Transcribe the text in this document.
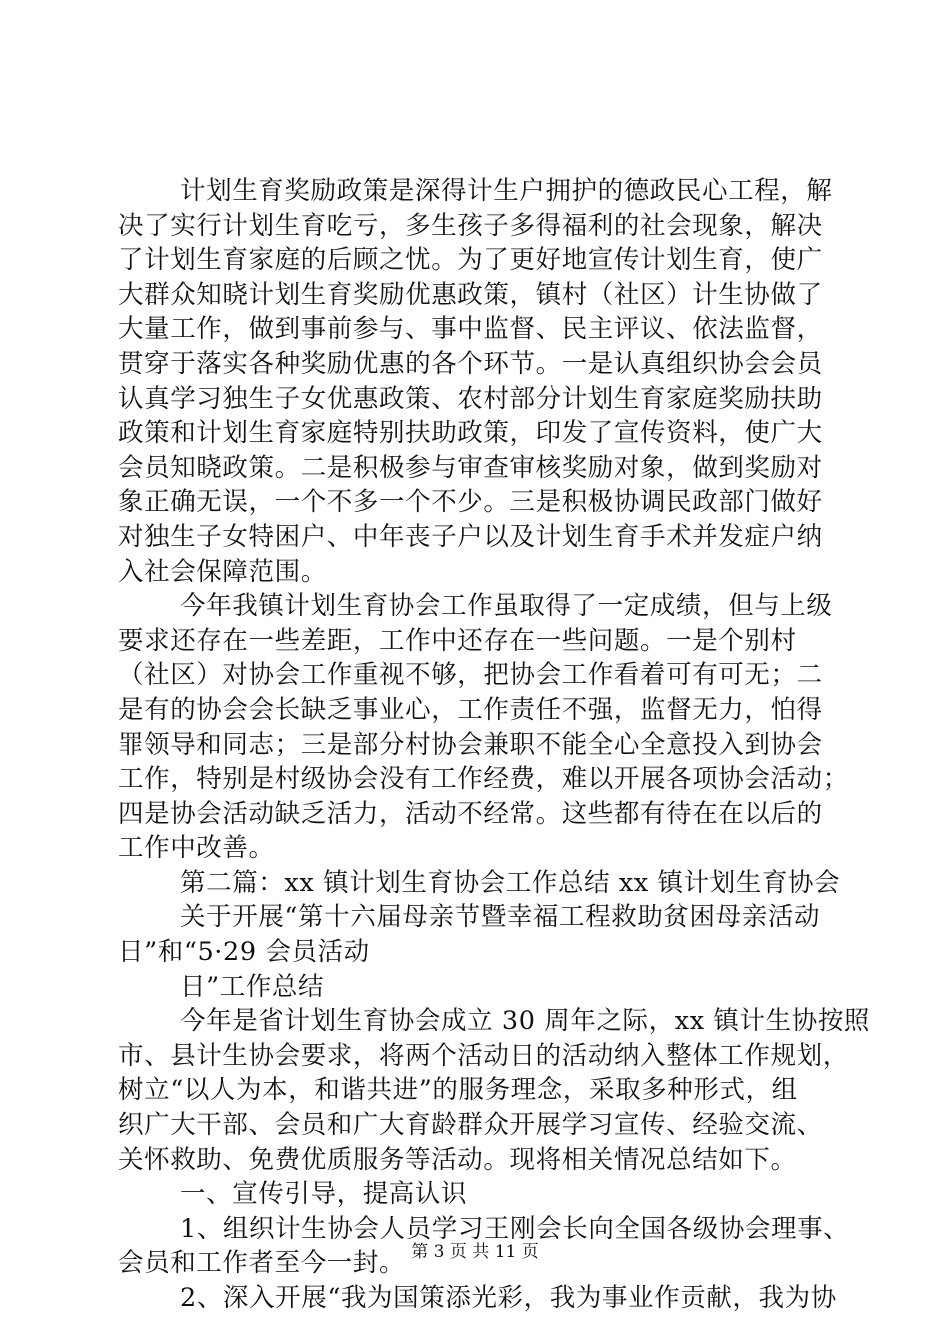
计划生育奖励政策是深得计生户拥护的德政民心工程，解
决了实行计划生育吃亏，多生孩子多得福利的社会现象，解决
了计划生育家庭的后顾之忧。为了更好地宣传计划生育，使广
大群众知晓计划生育奖励优惠政策，镇村（社区）计生协做了
大量工作，做到事前参与、事中监督、民主评议、依法监督，
贯穿于落实各种奖励优惠的各个环节。一是认真组织协会会员
认真学习独生子女优惠政策、农村部分计划生育家庭奖励扶助
政策和计划生育家庭特别扶助政策，印发了宣传资料，使广大
会员知晓政策。二是积极参与审查审核奖励对象，做到奖励对
象正确无误，一个不多一个不少。三是积极协调民政部门做好
对独生子女特困户、中年丧子户以及计划生育手术并发症户纳
入社会保障范围。
今年我镇计划生育协会工作虽取得了一定成绩，但与上级
要求还存在一些差距，工作中还存在一些问题。一是个别村
（社区）对协会工作重视不够，把协会工作看着可有可无；二
是有的协会会长缺乏事业心，工作责任不强，监督无力，怕得
罪领导和同志；三是部分村协会兼职不能全心全意投入到协会
工作，特别是村级协会没有工作经费，难以开展各项协会活动；
四是协会活动缺乏活力，活动不经常。这些都有待在在以后的
工作中改善。
第二篇：xx 镇计划生育协会工作总结 xx 镇计划生育协会
关于开展“第十六届母亲节暨幸福工程救助贫困母亲活动
日”和“5·29 会员活动
日”工作总结
今年是省计划生育协会成立 30 周年之际，xx 镇计生协按照
市、县计生协会要求，将两个活动日的活动纳入整体工作规划，
树立“以人为本，和谐共进”的服务理念，采取多种形式，组
织广大干部、会员和广大育龄群众开展学习宣传、经验交流、
关怀救助、免费优质服务等活动。现将相关情况总结如下。
一、宣传引导，提高认识
1、组织计生协会人员学习王刚会长向全国各级协会理事、
会员和工作者至今一封。
2、深入开展“我为国策添光彩，我为事业作贡献，我为协
第 3 页 共 11 页
